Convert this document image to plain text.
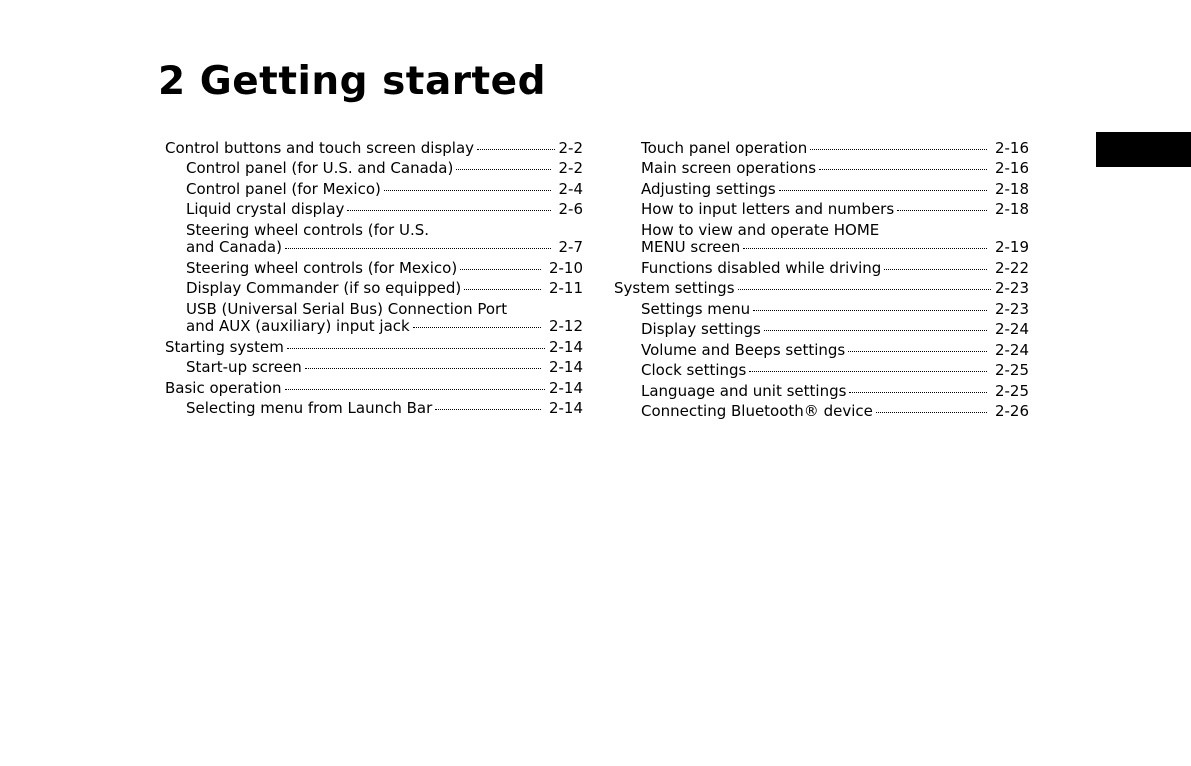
2 Getting started
Control buttons and touch screen display	2-2
Control panel (for U.S. and Canada)	2-2
Control panel (for Mexico)	2-4
Liquid crystal display	2-6
Steering wheel controls (for U.S.
and Canada)	2-7
Steering wheel controls (for Mexico)	2-10
Display Commander (if so equipped)	2-11
USB (Universal Serial Bus) Connection Port
and AUX (auxiliary) input jack	2-12
Starting system	2-14
Start-up screen	2-14
Basic operation	2-14
Selecting menu from Launch Bar	2-14
Touch panel operation	2-16
Main screen operations	2-16
Adjusting settings	2-18
How to input letters and numbers	2-18
How to view and operate HOME
MENU screen	2-19
Functions disabled while driving	2-22
System settings	2-23
Settings menu	2-23
Display settings	2-24
Volume and Beeps settings	2-24
Clock settings	2-25
Language and unit settings	2-25
Connecting Bluetooth® device	2-26
